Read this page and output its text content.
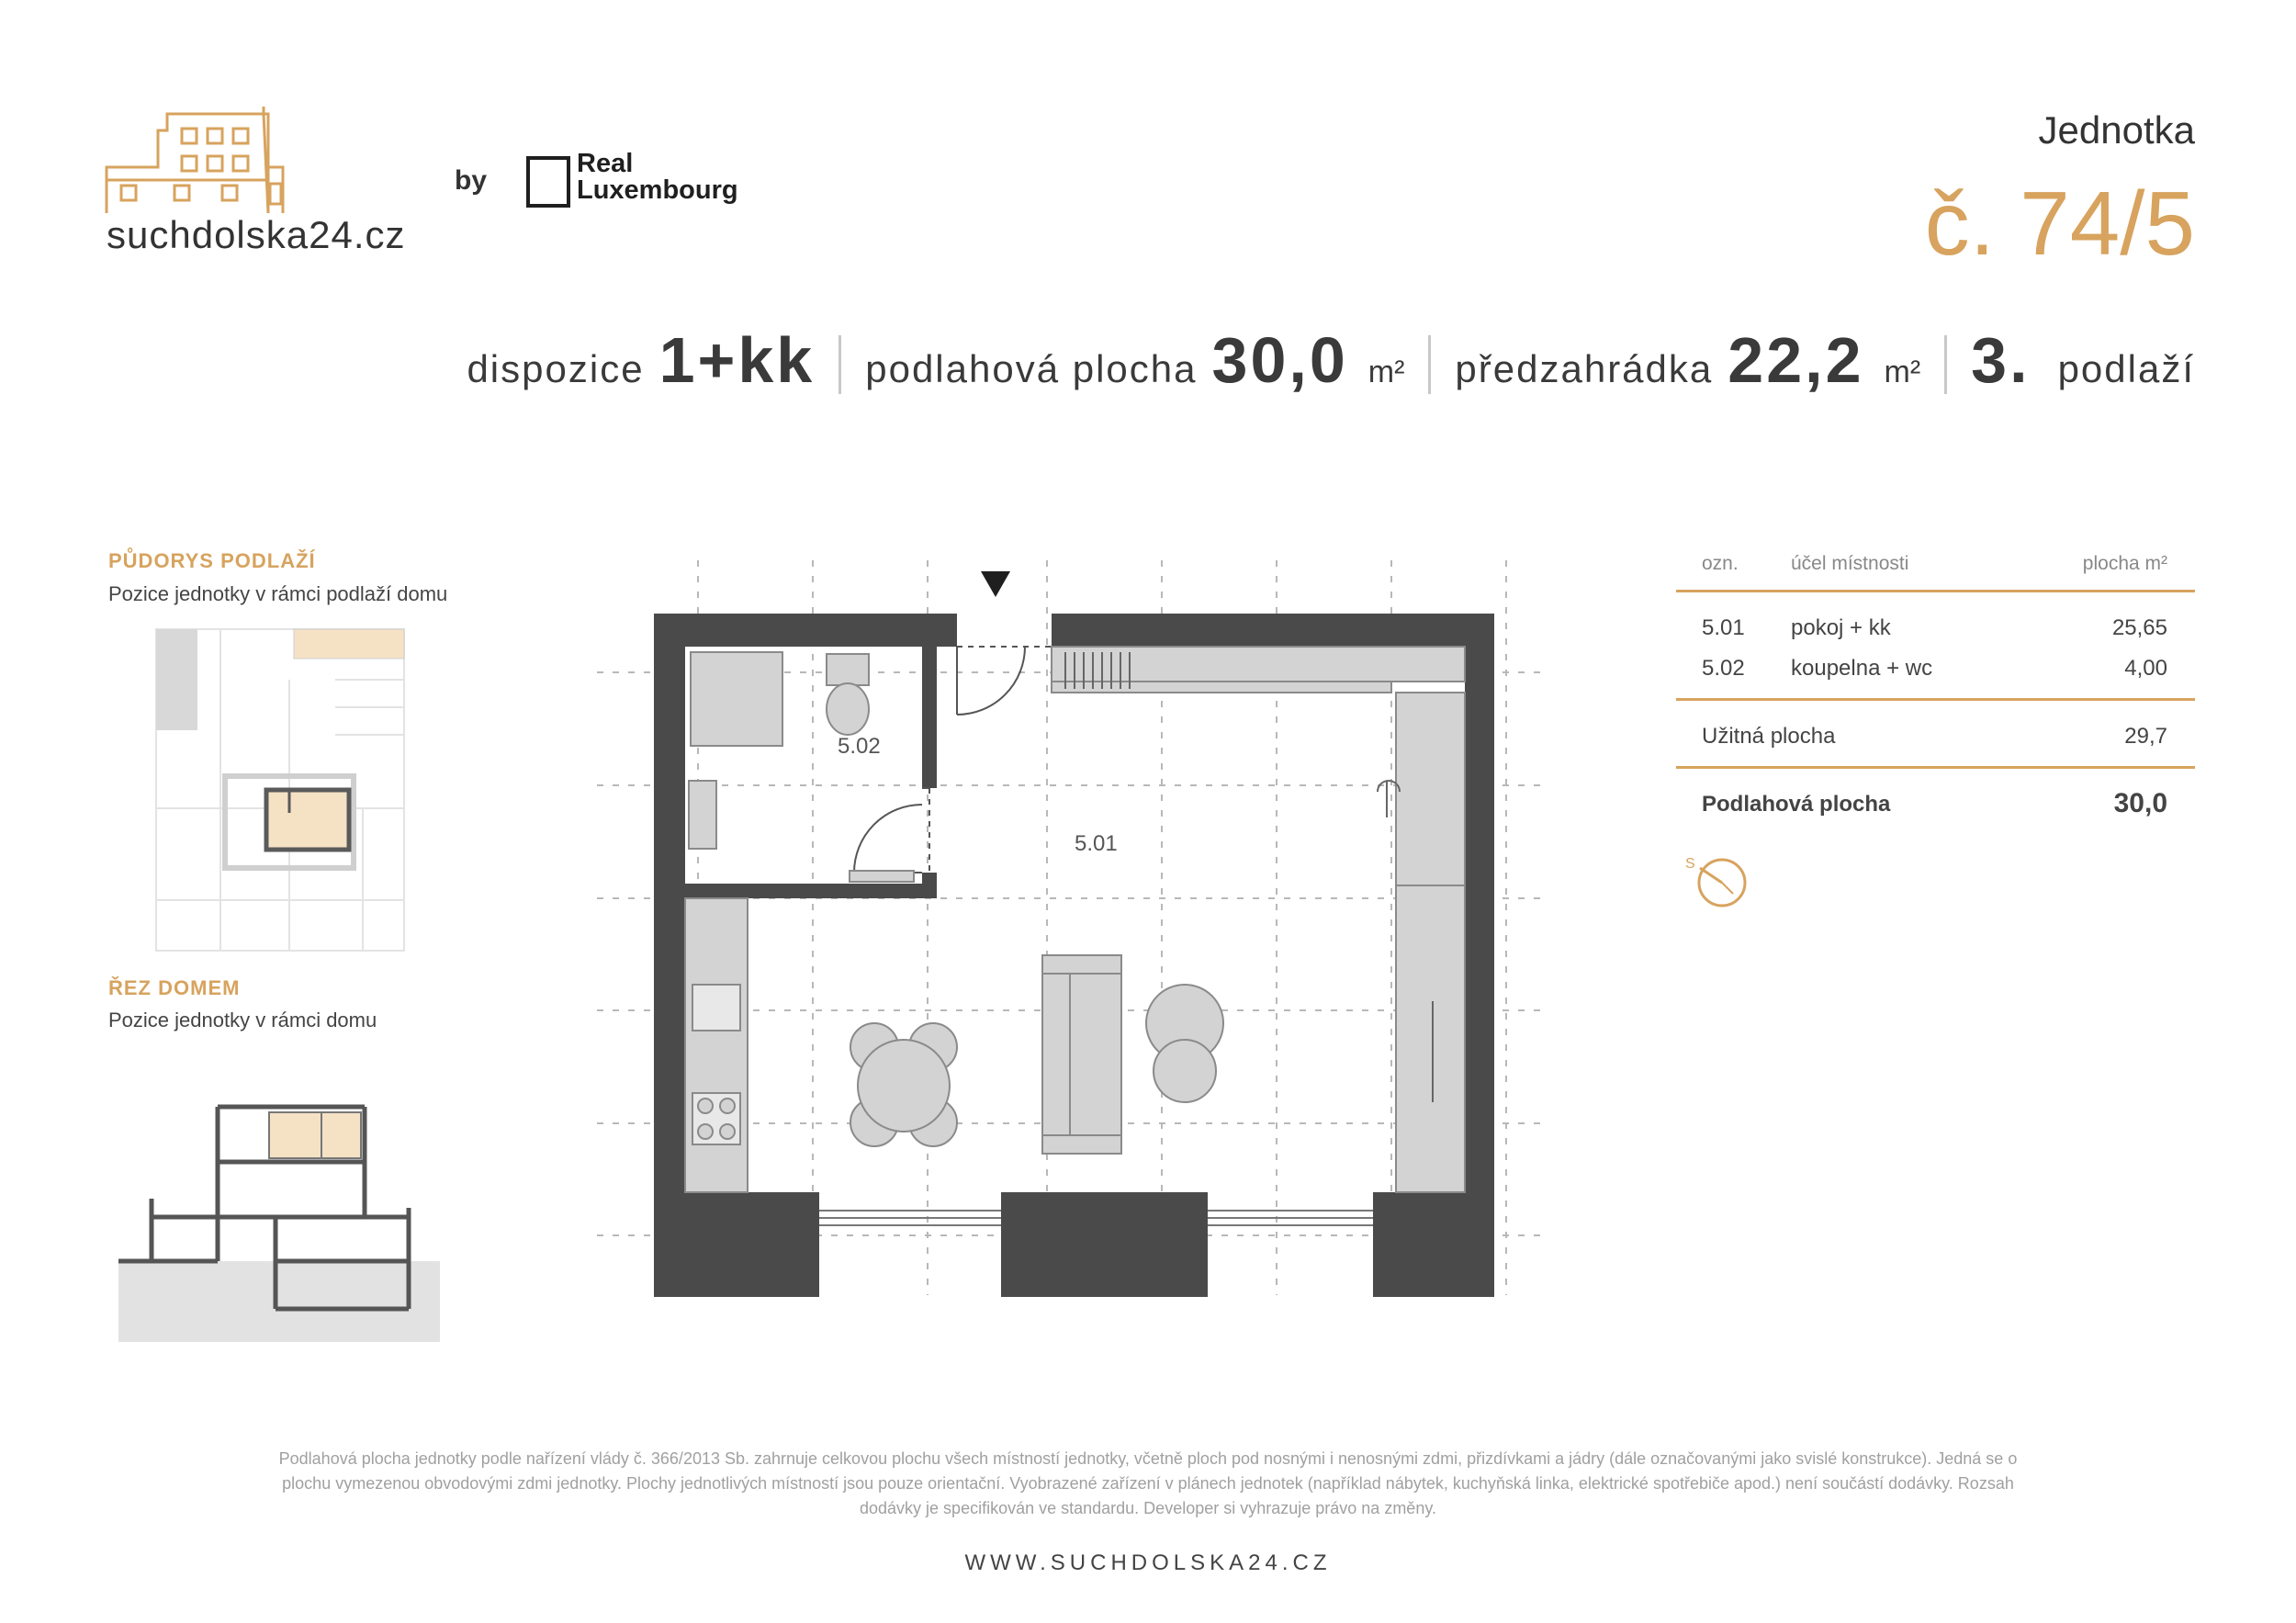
suchdolska24.cz
by
Real
Luxembourg
Jednotka
č. 74/5
dispozice 1+kk podlahová plocha 30,0 m² předzahrádka 22,2 m² 3. podlaží
PŮDORYS PODLAŽÍ
Pozice jednotky v rámci podlaží domu
ŘEZ DOMEM
Pozice jednotky v rámci domu
5.02
5.01
ozn.	účel místnosti	plocha m²
5.01 pokoj + kk	25,65
5.02 koupelna + wc	4,00
Užitná plocha	29,7
Podlahová plocha	30,0
S
Podlahová plocha jednotky podle nařízení vlády č. 366/2013 Sb. zahrnuje celkovou plochu všech místností jednotky, včetně ploch pod nosnými i nenosnými zdmi, přizdívkami a jádry (dále označovanými jako svislé konstrukce). Jedná se o
plochu vymezenou obvodovými zdmi jednotky. Plochy jednotlivých místností jsou pouze orientační. Vyobrazené zařízení v plánech jednotek (například nábytek, kuchyňská linka, elektrické spotřebiče apod.) není součástí dodávky. Rozsah
dodávky je specifikován ve standardu. Developer si vyhrazuje právo na změny.
WWW.SUCHDOLSKA24.CZ
